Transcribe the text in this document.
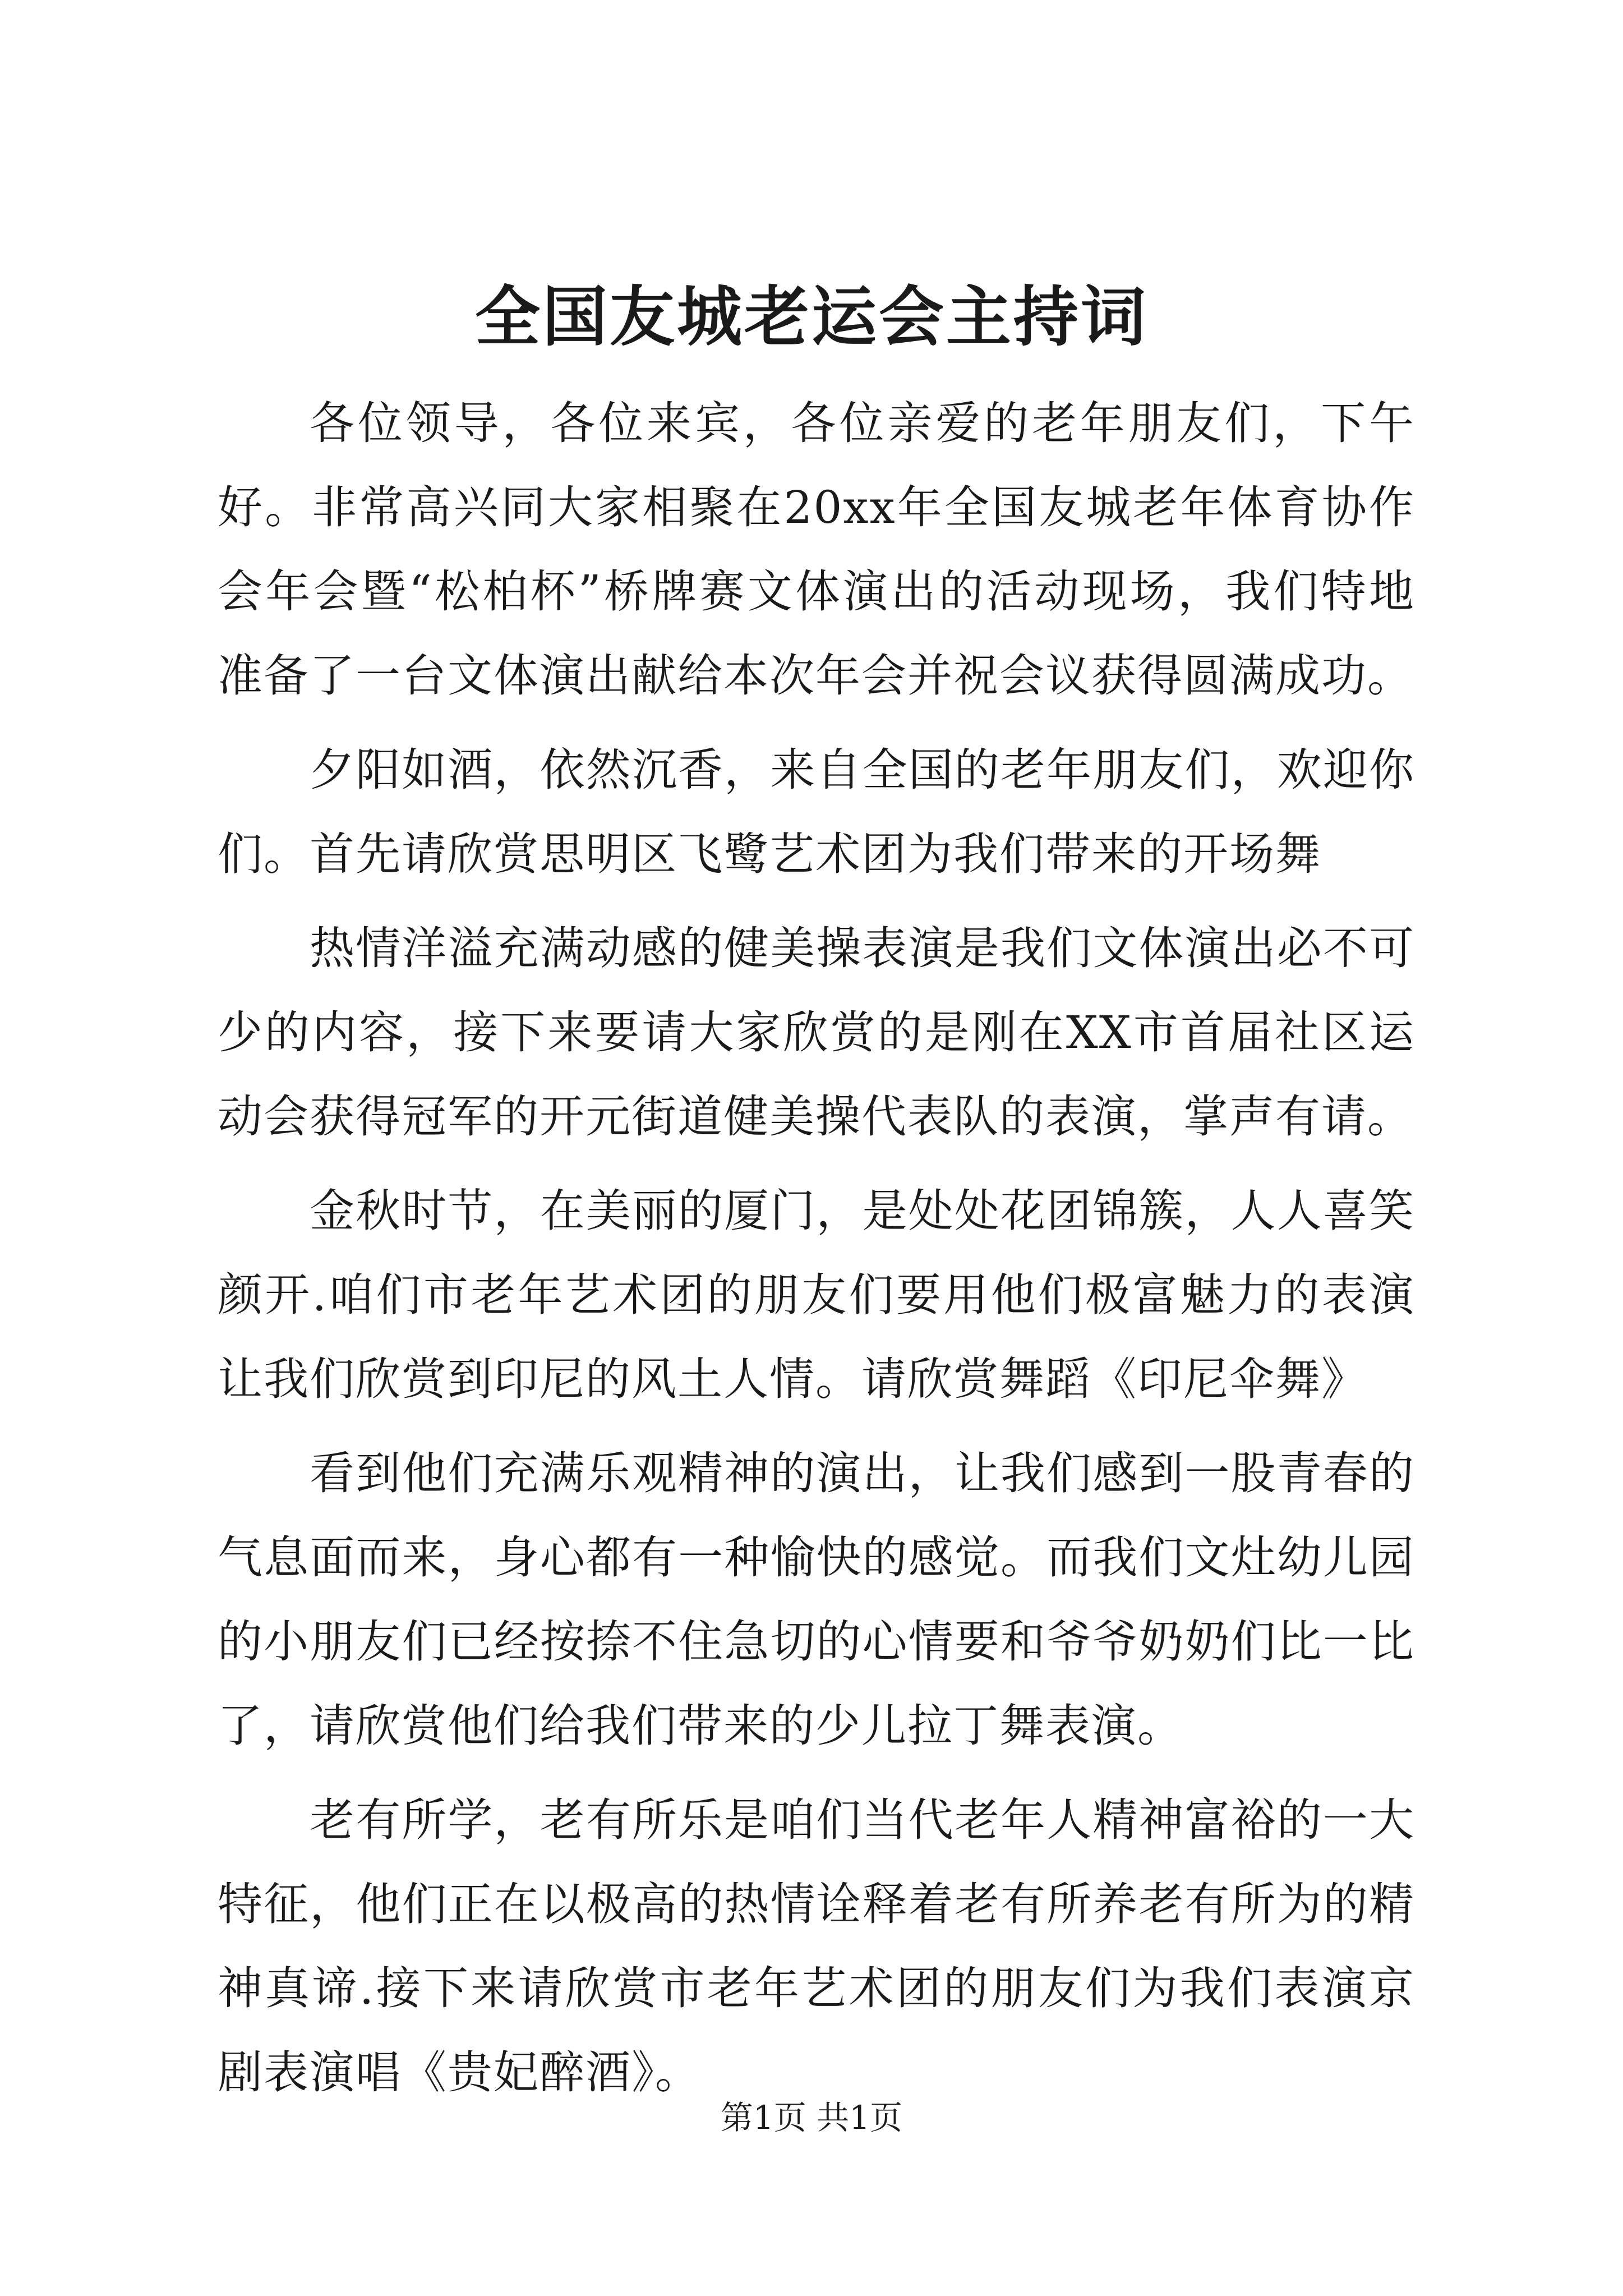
全国友城老运会主持词

各位领导，各位来宾，各位亲爱的老年朋友们，下午好。非常高兴同大家相聚在20xx年全国友城老年体育协作会年会暨“松柏杯”桥牌赛文体演出的活动现场，我们特地准备了一台文体演出献给本次年会并祝会议获得圆满成功。

夕阳如酒，依然沉香，来自全国的老年朋友们，欢迎你们。首先请欣赏思明区飞鹭艺术团为我们带来的开场舞

热情洋溢充满动感的健美操表演是我们文体演出必不可少的内容，接下来要请大家欣赏的是刚在XX市首届社区运动会获得冠军的开元街道健美操代表队的表演，掌声有请。

金秋时节，在美丽的厦门，是处处花团锦簇，人人喜笑颜开.咱们市老年艺术团的朋友们要用他们极富魅力的表演让我们欣赏到印尼的风土人情。请欣赏舞蹈《印尼伞舞》

看到他们充满乐观精神的演出，让我们感到一股青春的气息面而来，身心都有一种愉快的感觉。而我们文灶幼儿园的小朋友们已经按捺不住急切的心情要和爷爷奶奶们比一比了，请欣赏他们给我们带来的少儿拉丁舞表演。

老有所学，老有所乐是咱们当代老年人精神富裕的一大特征，他们正在以极高的热情诠释着老有所养老有所为的精神真谛.接下来请欣赏市老年艺术团的朋友们为我们表演京剧表演唱《贵妃醉酒》。

第1页 共1页
